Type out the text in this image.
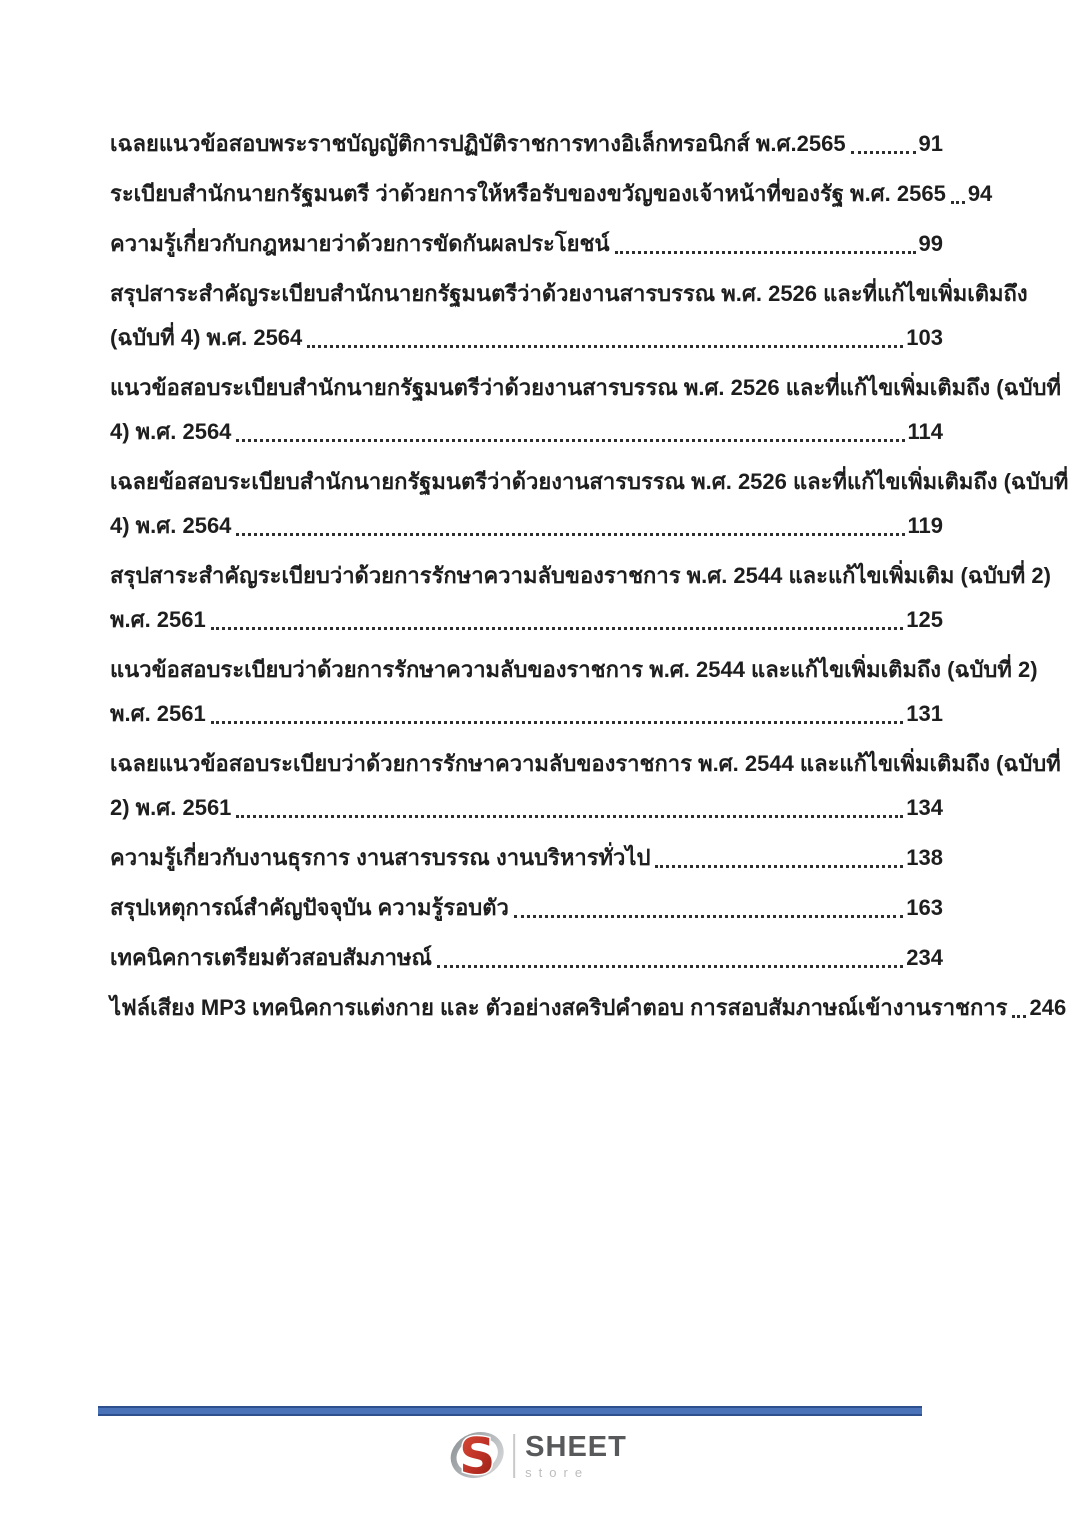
เฉลยแนวข้อสอบพระราชบัญญัติการปฏิบัติราชการทางอิเล็กทรอนิกส์ พ.ศ.2565	91
ระเบียบสำนักนายกรัฐมนตรี ว่าด้วยการให้หรือรับของขวัญของเจ้าหน้าที่ของรัฐ พ.ศ. 2565 94
ความรู้เกี่ยวกับกฎหมายว่าด้วยการขัดกันผลประโยชน์	99
สรุปสาระสำคัญระเบียบสำนักนายกรัฐมนตรีว่าด้วยงานสารบรรณ พ.ศ. 2526 และที่แก้ไขเพิ่มเติมถึง
(ฉบับที่ 4) พ.ศ. 2564	103
แนวข้อสอบระเบียบสำนักนายกรัฐมนตรีว่าด้วยงานสารบรรณ พ.ศ. 2526 และที่แก้ไขเพิ่มเติมถึง (ฉบับที่
4) พ.ศ. 2564	114
เฉลยข้อสอบระเบียบสำนักนายกรัฐมนตรีว่าด้วยงานสารบรรณ พ.ศ. 2526 และที่แก้ไขเพิ่มเติมถึง (ฉบับที่
4) พ.ศ. 2564	119
สรุปสาระสำคัญระเบียบว่าด้วยการรักษาความลับของราชการ พ.ศ. 2544 และแก้ไขเพิ่มเติม (ฉบับที่ 2)
พ.ศ. 2561	125
แนวข้อสอบระเบียบว่าด้วยการรักษาความลับของราชการ พ.ศ. 2544 และแก้ไขเพิ่มเติมถึง (ฉบับที่ 2)
พ.ศ. 2561	131
เฉลยแนวข้อสอบระเบียบว่าด้วยการรักษาความลับของราชการ พ.ศ. 2544 และแก้ไขเพิ่มเติมถึง (ฉบับที่
2) พ.ศ. 2561	134
ความรู้เกี่ยวกับงานธุรการ งานสารบรรณ งานบริหารทั่วไป	138
สรุปเหตุการณ์สำคัญปัจจุบัน ความรู้รอบตัว	163
เทคนิคการเตรียมตัวสอบสัมภาษณ์	234
ไฟล์เสียง MP3 เทคนิคการแต่งกาย และ ตัวอย่างสคริปคำตอบ การสอบสัมภาษณ์เข้างานราชการ 246
S SHEET
store
